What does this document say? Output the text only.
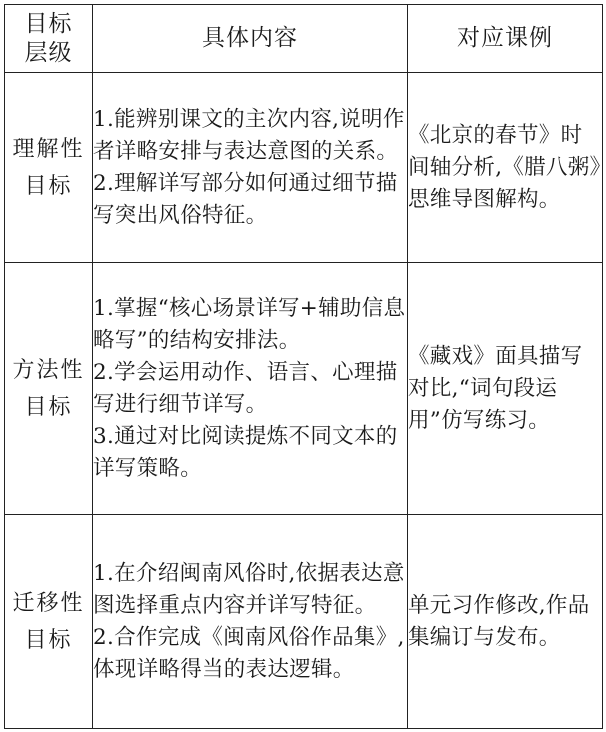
目标
层级	具体内容	对应课例

理解性
目标	1.能辨别课文的主次内容,说明作者详略安排与表达意图的关系。
2.理解详写部分如何通过细节描写突出风俗特征。	《北京的春节》时间轴分析,《腊八粥》思维导图解构。

方法性
目标	1.掌握“核心场景详写+辅助信息略写”的结构安排法。
2.学会运用动作、语言、心理描写进行细节详写。
3.通过对比阅读提炼不同文本的详写策略。	《藏戏》面具描写对比,“词句段运用”仿写练习。

迁移性
目标	1.在介绍闽南风俗时,依据表达意图选择重点内容并详写特征。
2.合作完成《闽南风俗作品集》,体现详略得当的表达逻辑。	单元习作修改,作品集编订与发布。
